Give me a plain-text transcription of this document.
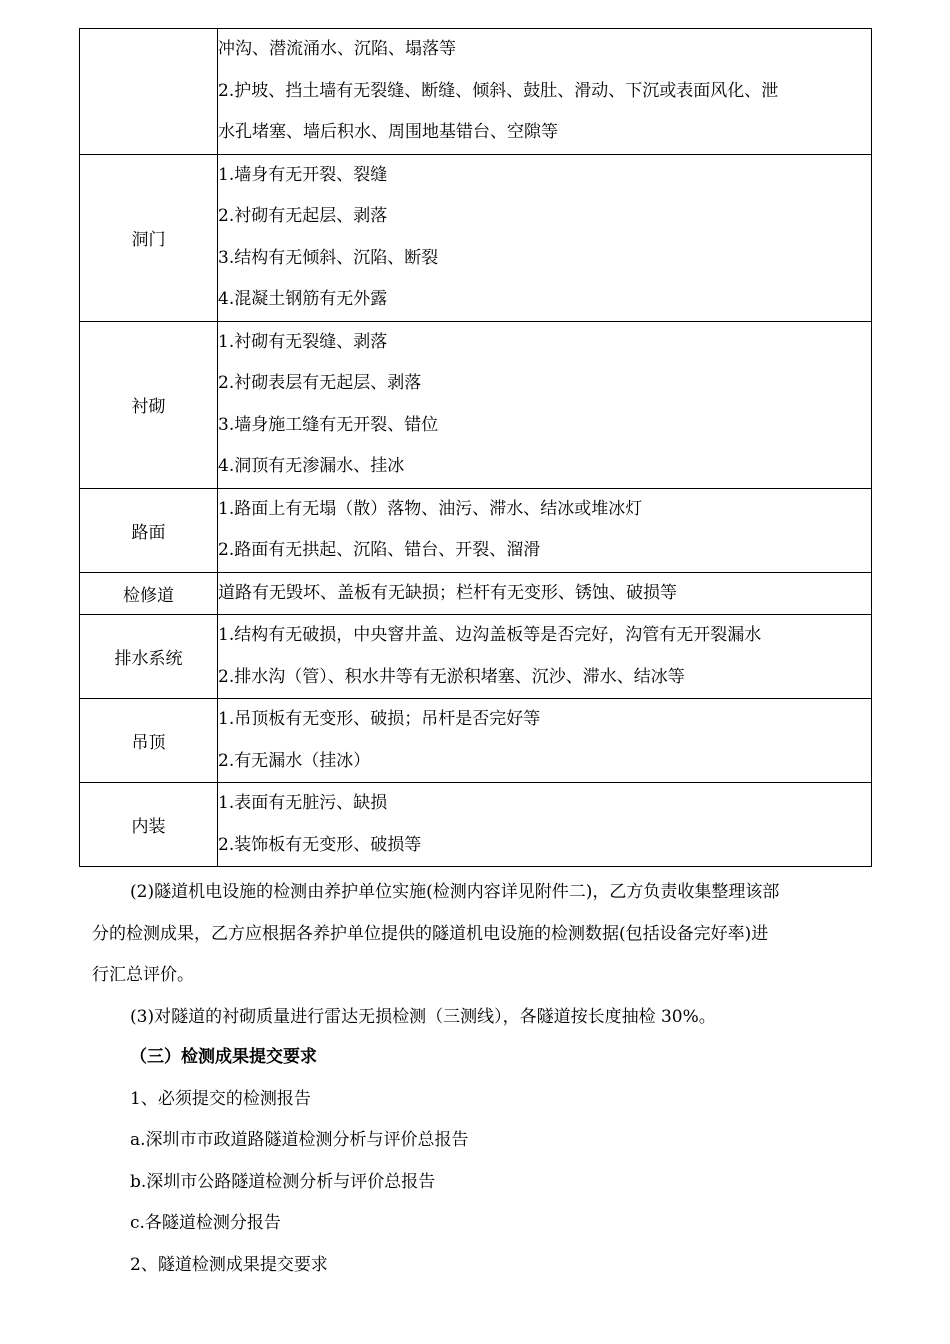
	冲沟、潜流涌水、沉陷、塌落等
2.护坡、挡土墙有无裂缝、断缝、倾斜、鼓肚、滑动、下沉或表面风化、泄
水孔堵塞、墙后积水、周围地基错台、空隙等

洞门	1.墙身有无开裂、裂缝
2.衬砌有无起层、剥落
3.结构有无倾斜、沉陷、断裂
4.混凝土钢筋有无外露

衬砌	1.衬砌有无裂缝、剥落
2.衬砌表层有无起层、剥落
3.墙身施工缝有无开裂、错位
4.洞顶有无渗漏水、挂冰

路面	1.路面上有无塌（散）落物、油污、滞水、结冰或堆冰灯
2.路面有无拱起、沉陷、错台、开裂、溜滑

检修道	道路有无毁坏、盖板有无缺损；栏杆有无变形、锈蚀、破损等

排水系统	1.结构有无破损，中央窨井盖、边沟盖板等是否完好，沟管有无开裂漏水
2.排水沟（管）、积水井等有无淤积堵塞、沉沙、滞水、结冰等

吊顶	1.吊顶板有无变形、破损；吊杆是否完好等
2.有无漏水（挂冰）

内装	1.表面有无脏污、缺损
2.装饰板有无变形、破损等
(2)隧道机电设施的检测由养护单位实施(检测内容详见附件二)，乙方负责收集整理该部
分的检测成果，乙方应根据各养护单位提供的隧道机电设施的检测数据(包括设备完好率)进
行汇总评价。
(3)对隧道的衬砌质量进行雷达无损检测（三测线），各隧道按长度抽检 30%。
（三）检测成果提交要求
1、必须提交的检测报告
a.深圳市市政道路隧道检测分析与评价总报告
b.深圳市公路隧道检测分析与评价总报告
c.各隧道检测分报告
2、隧道检测成果提交要求
